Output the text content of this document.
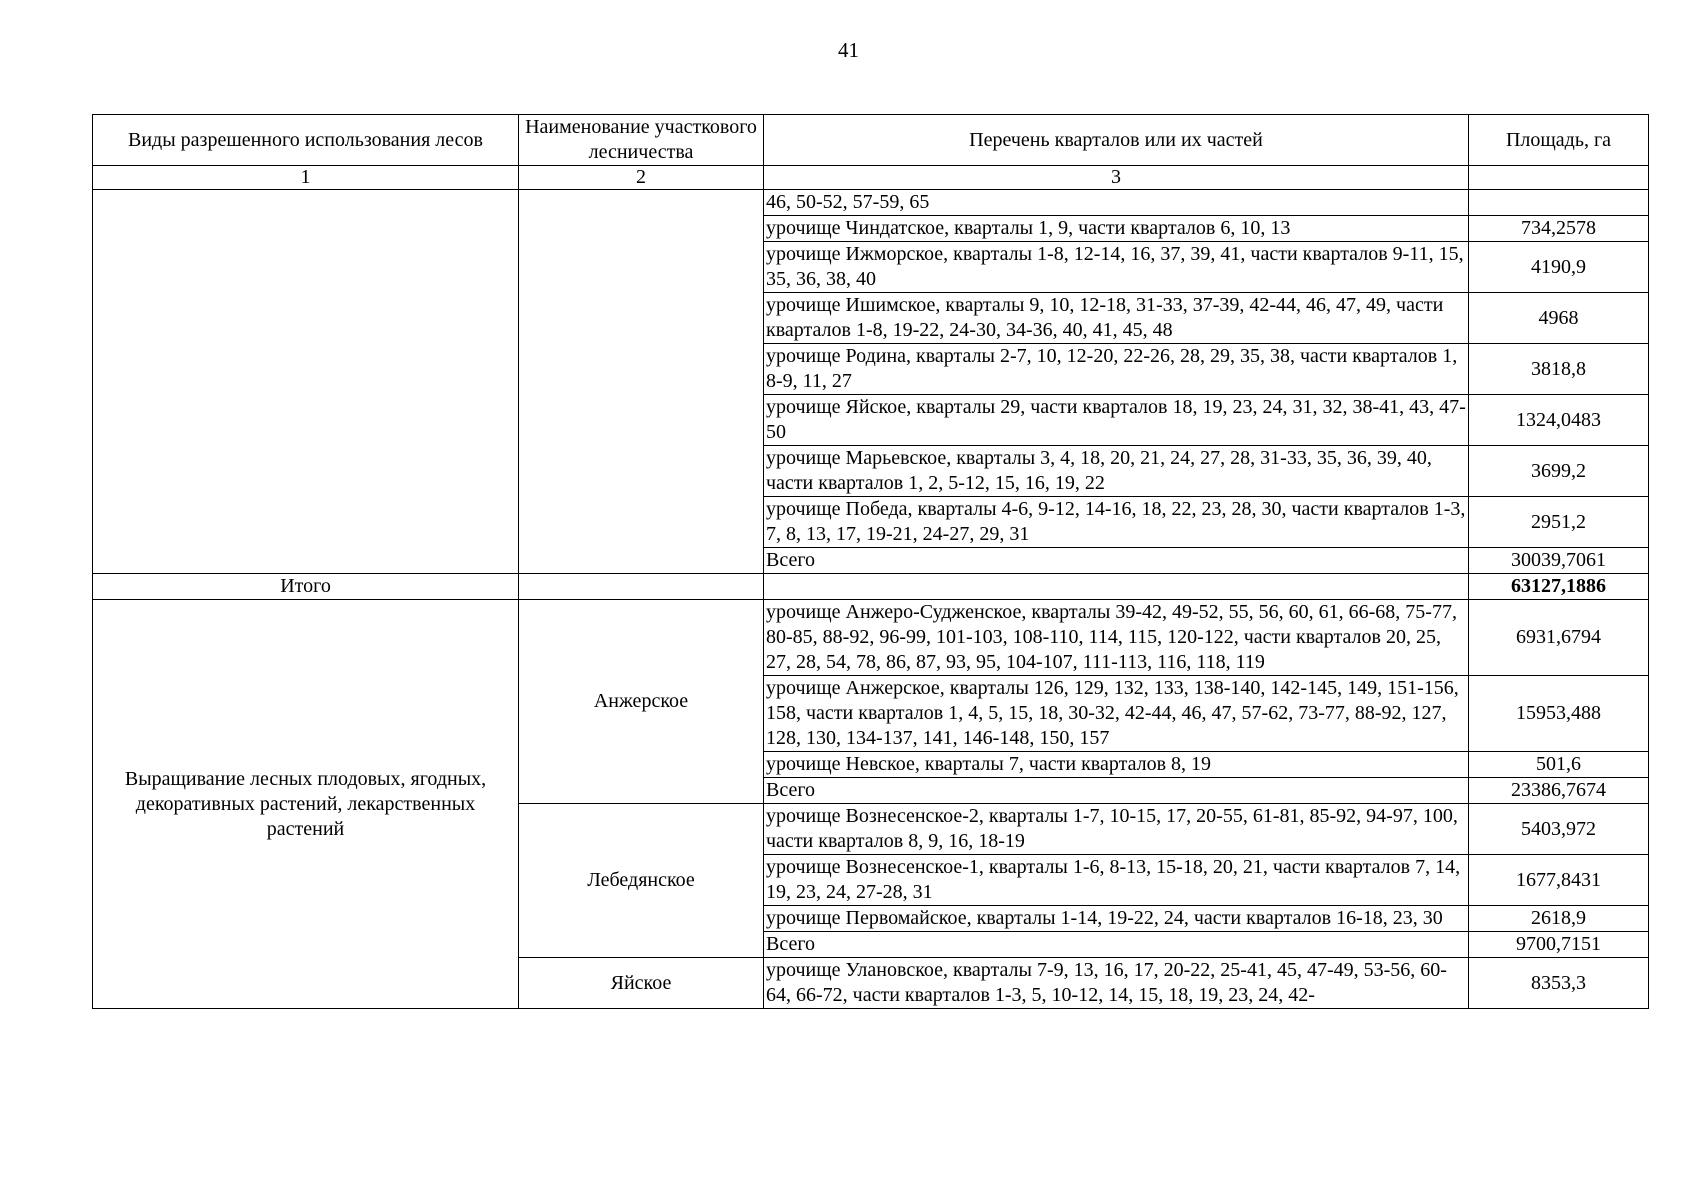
41
Виды разрешенного использования лесов	Наименование участкового лесничества	Перечень кварталов или их частей	Площадь, га
1	2	3	
		46, 50-52, 57-59, 65	
		урочище Чиндатское, кварталы 1, 9, части кварталов 6, 10, 13	734,2578
		урочище Ижморское, кварталы 1-8, 12-14, 16, 37, 39, 41, части кварталов 9-11, 15, 35, 36, 38, 40	4190,9
		урочище Ишимское, кварталы 9, 10, 12-18, 31-33, 37-39, 42-44, 46, 47, 49, части кварталов 1-8, 19-22, 24-30, 34-36, 40, 41, 45, 48	4968
		урочище Родина, кварталы 2-7, 10, 12-20, 22-26, 28, 29, 35, 38, части кварталов 1, 8-9, 11, 27	3818,8
		урочище Яйское, кварталы 29, части кварталов 18, 19, 23, 24, 31, 32, 38-41, 43, 47-50	1324,0483
		урочище Марьевское, кварталы 3, 4, 18, 20, 21, 24, 27, 28, 31-33, 35, 36, 39, 40, части кварталов 1, 2, 5-12, 15, 16, 19, 22	3699,2
		урочище Победа, кварталы 4-6, 9-12, 14-16, 18, 22, 23, 28, 30, части кварталов 1-3, 7, 8, 13, 17, 19-21, 24-27, 29, 31	2951,2
		Всего	30039,7061
Итого			63127,1886
Выращивание лесных плодовых, ягодных, декоративных растений, лекарственных растений	Анжерское	урочище Анжеро-Судженское, кварталы 39-42, 49-52, 55, 56, 60, 61, 66-68, 75-77, 80-85, 88-92, 96-99, 101-103, 108-110, 114, 115, 120-122, части кварталов 20, 25, 27, 28, 54, 78, 86, 87, 93, 95, 104-107, 111-113, 116, 118, 119	6931,6794
		урочище Анжерское, кварталы 126, 129, 132, 133, 138-140, 142-145, 149, 151-156, 158, части кварталов 1, 4, 5, 15, 18, 30-32, 42-44, 46, 47, 57-62, 73-77, 88-92, 127, 128, 130, 134-137, 141, 146-148, 150, 157	15953,488
		урочище Невское, кварталы 7, части кварталов 8, 19	501,6
		Всего	23386,7674
	Лебедянское	урочище Вознесенское-2, кварталы 1-7, 10-15, 17, 20-55, 61-81, 85-92, 94-97, 100, части кварталов 8, 9, 16, 18-19	5403,972
		урочище Вознесенское-1, кварталы 1-6, 8-13, 15-18, 20, 21, части кварталов 7, 14, 19, 23, 24, 27-28, 31	1677,8431
		урочище Первомайское, кварталы 1-14, 19-22, 24, части кварталов 16-18, 23, 30	2618,9
		Всего	9700,7151
	Яйское	урочище Улановское, кварталы 7-9, 13, 16, 17, 20-22, 25-41, 45, 47-49, 53-56, 60-64, 66-72, части кварталов 1-3, 5, 10-12, 14, 15, 18, 19, 23, 24, 42-	8353,3
